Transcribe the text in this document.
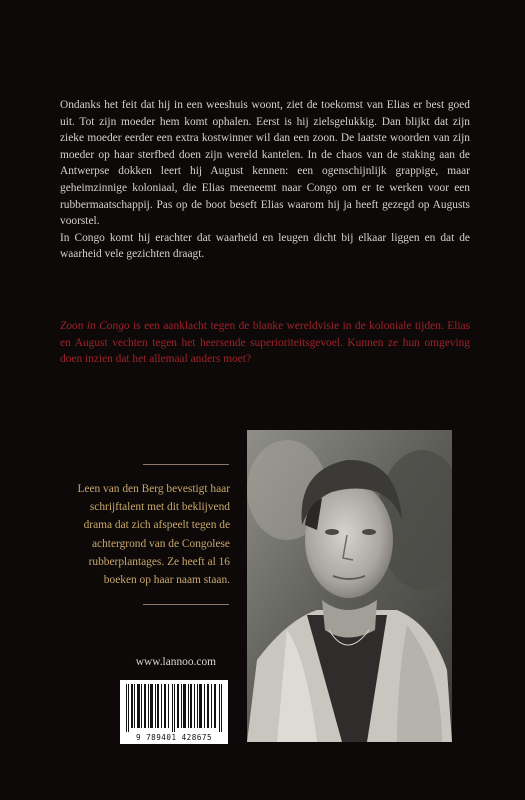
Ondanks het feit dat hij in een weeshuis woont, ziet de toekomst van Elias er best goed uit. Tot zijn moeder hem komt ophalen. Eerst is hij zielsgelukkig. Dan blijkt dat zijn zieke moeder eerder een extra kostwinner wil dan een zoon. De laatste woorden van zijn moeder op haar sterfbed doen zijn wereld kantelen. In de chaos van de staking aan de Antwerpse dokken leert hij August kennen: een ogenschijnlijk grappige, maar geheimzinnige koloniaal, die Elias meeneemt naar Congo om er te werken voor een rubbermaatschappij. Pas op de boot beseft Elias waarom hij ja heeft gezegd op Augusts voorstel.

In Congo komt hij erachter dat waarheid en leugen dicht bij elkaar liggen en dat de waarheid vele gezichten draagt.

Zoon in Congo is een aanklacht tegen de blanke wereldvisie in de koloniale tijden. Elias en August vechten tegen het heersende superioriteitsgevoel. Kunnen ze hun omgeving doen inzien dat het allemaal anders moet?

Leen van den Berg bevestigt haar schrijftalent met dit beklijvend drama dat zich afspeelt tegen de achtergrond van de Congolese rubberplantages. Ze heeft al 16 boeken op haar naam staan.
www.lannoo.com
9 789401 428675
